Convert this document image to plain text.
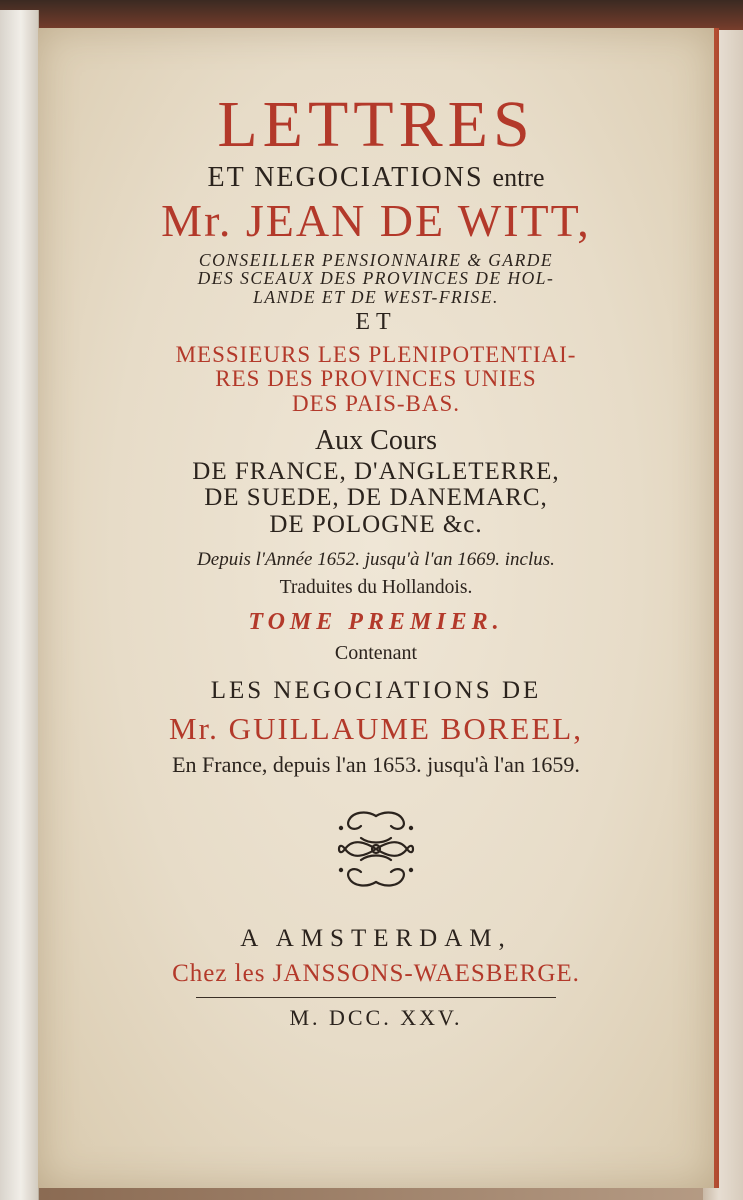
LETTRES
ET NEGOCIATIONS entre
Mr. JEAN DE WITT,
CONSEILLER PENSIONNAIRE & GARDE
DES SCEAUX DES PROVINCES DE HOL-
LANDE ET DE WEST-FRISE.
ET
MESSIEURS LES PLENIPOTENTIAI-
RES DES PROVINCES UNIES
DES PAIS-BAS.
Aux Cours
DE FRANCE, D'ANGLETERRE,
DE SUEDE, DE DANEMARC,
DE POLOGNE &c.
Depuis l'Année 1652. jusqu'à l'an 1669. inclus.
Traduites du Hollandois.
TOME PREMIER.
Contenant
LES NEGOCIATIONS DE
Mr. GUILLAUME BOREEL,
En France, depuis l'an 1653. jusqu'à l'an 1659.
A AMSTERDAM,
Chez les JANSSONS-WAESBERGE.
M. DCC. XXV.
